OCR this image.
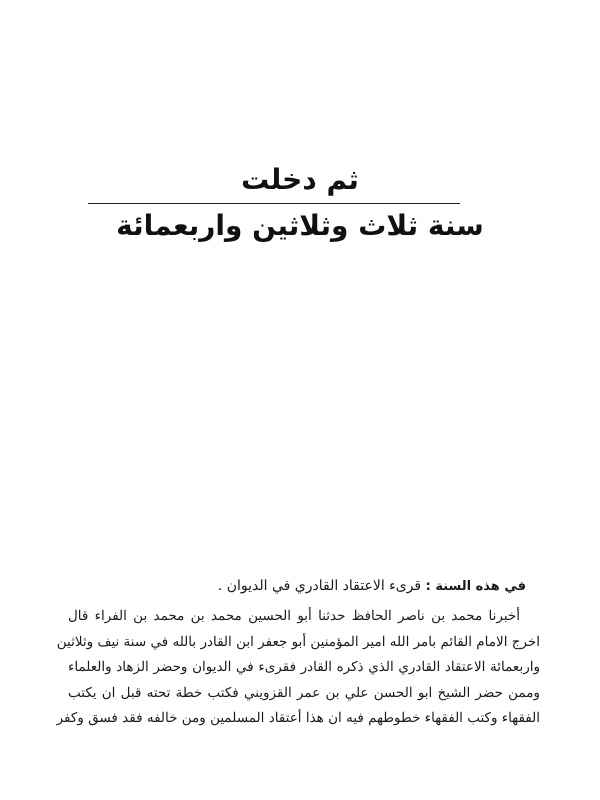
ثم دخلت
سنة ثلاث وثلاثين واربعمائة
في هذه السنة : قرىء الاعتقاد القادري في الديوان .
أخبرنا محمد بن ناصر الحافظ حدثنا أبو الحسين محمد بن محمد بن الفراء قال
اخرج الامام القائم بامر الله امير المؤمنين أبو جعفر ابن القادر بالله في سنة نيف وثلاثين
واربعمائة الاعتقاد القادري الذي ذكره القادر فقرىء في الديوان وحضر الزهاد والعلماء
وممن حضر الشيخ ابو الحسن علي بن عمر القزويني فكتب خطة تحته قبل ان يكتب
الفقهاء وكتب الفقهاء خطوطهم فيه ان هذا أعتقاد المسلمين ومن خالفه فقد فسق وكفر
